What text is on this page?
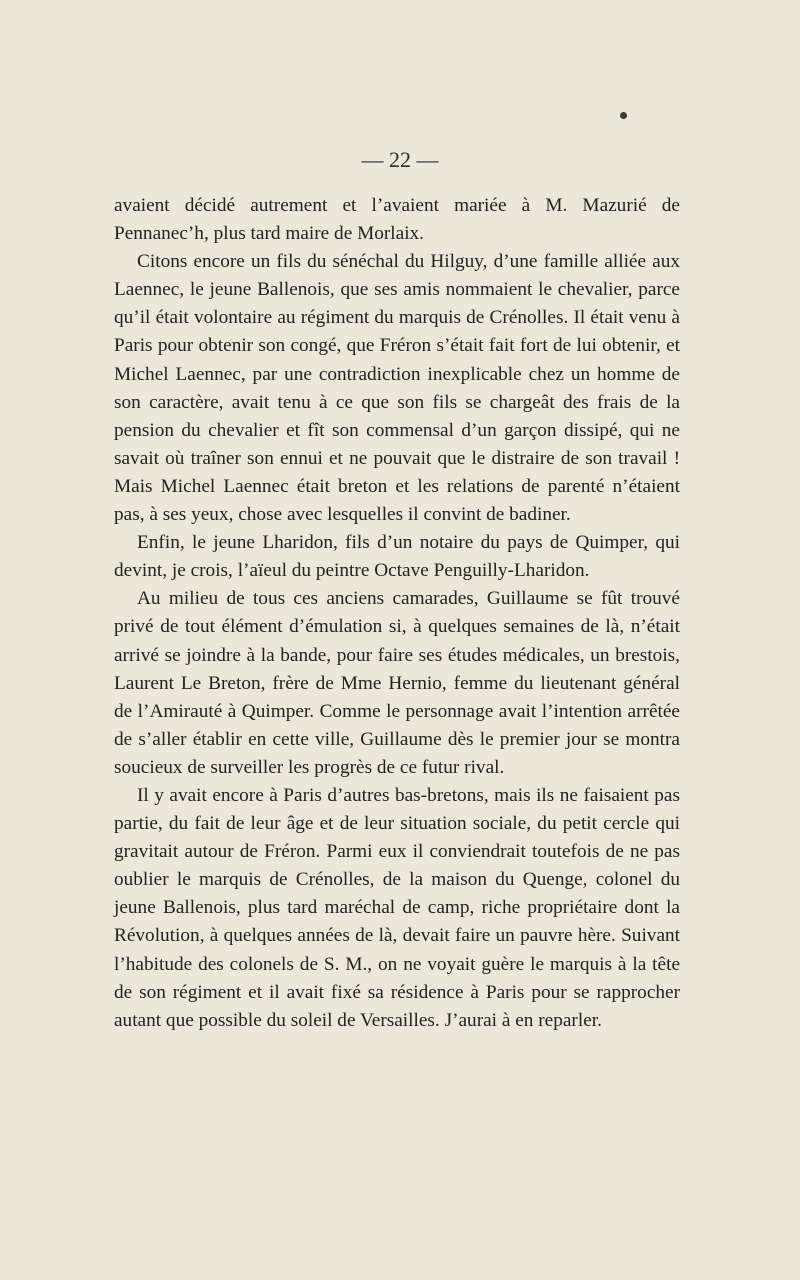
— 22 —

avaient décidé autrement et l’avaient mariée à M. Mazurié de Pennanec’h, plus tard maire de Morlaix.

Citons encore un fils du sénéchal du Hilguy, d’une famille alliée aux Laennec, le jeune Ballenois, que ses amis nommaient le chevalier, parce qu’il était volontaire au régiment du marquis de Crénolles. Il était venu à Paris pour obtenir son congé, que Fréron s’était fait fort de lui obtenir, et Michel Laennec, par une contradiction inexplicable chez un homme de son caractère, avait tenu à ce que son fils se chargeât des frais de la pension du chevalier et fît son commensal d’un garçon dissipé, qui ne savait où traîner son ennui et ne pouvait que le distraire de son travail ! Mais Michel Laennec était breton et les relations de parenté n’étaient pas, à ses yeux, chose avec lesquelles il convint de badiner.

Enfin, le jeune Lharidon, fils d’un notaire du pays de Quimper, qui devint, je crois, l’aïeul du peintre Octave Penguilly-Lharidon.

Au milieu de tous ces anciens camarades, Guillaume se fût trouvé privé de tout élément d’émulation si, à quelques semaines de là, n’était arrivé se joindre à la bande, pour faire ses études médicales, un brestois, Laurent Le Breton, frère de Mme Hernio, femme du lieutenant général de l’Amirauté à Quimper. Comme le personnage avait l’intention arrêtée de s’aller établir en cette ville, Guillaume dès le premier jour se montra soucieux de surveiller les progrès de ce futur rival.

Il y avait encore à Paris d’autres bas-bretons, mais ils ne faisaient pas partie, du fait de leur âge et de leur situation sociale, du petit cercle qui gravitait autour de Fréron. Parmi eux il conviendrait toutefois de ne pas oublier le marquis de Crénolles, de la maison du Quenge, colonel du jeune Ballenois, plus tard maréchal de camp, riche propriétaire dont la Révolution, à quelques années de là, devait faire un pauvre hère. Suivant l’habitude des colonels de S. M., on ne voyait guère le marquis à la tête de son régiment et il avait fixé sa résidence à Paris pour se rapprocher autant que possible du soleil de Versailles. J’aurai à en reparler.
